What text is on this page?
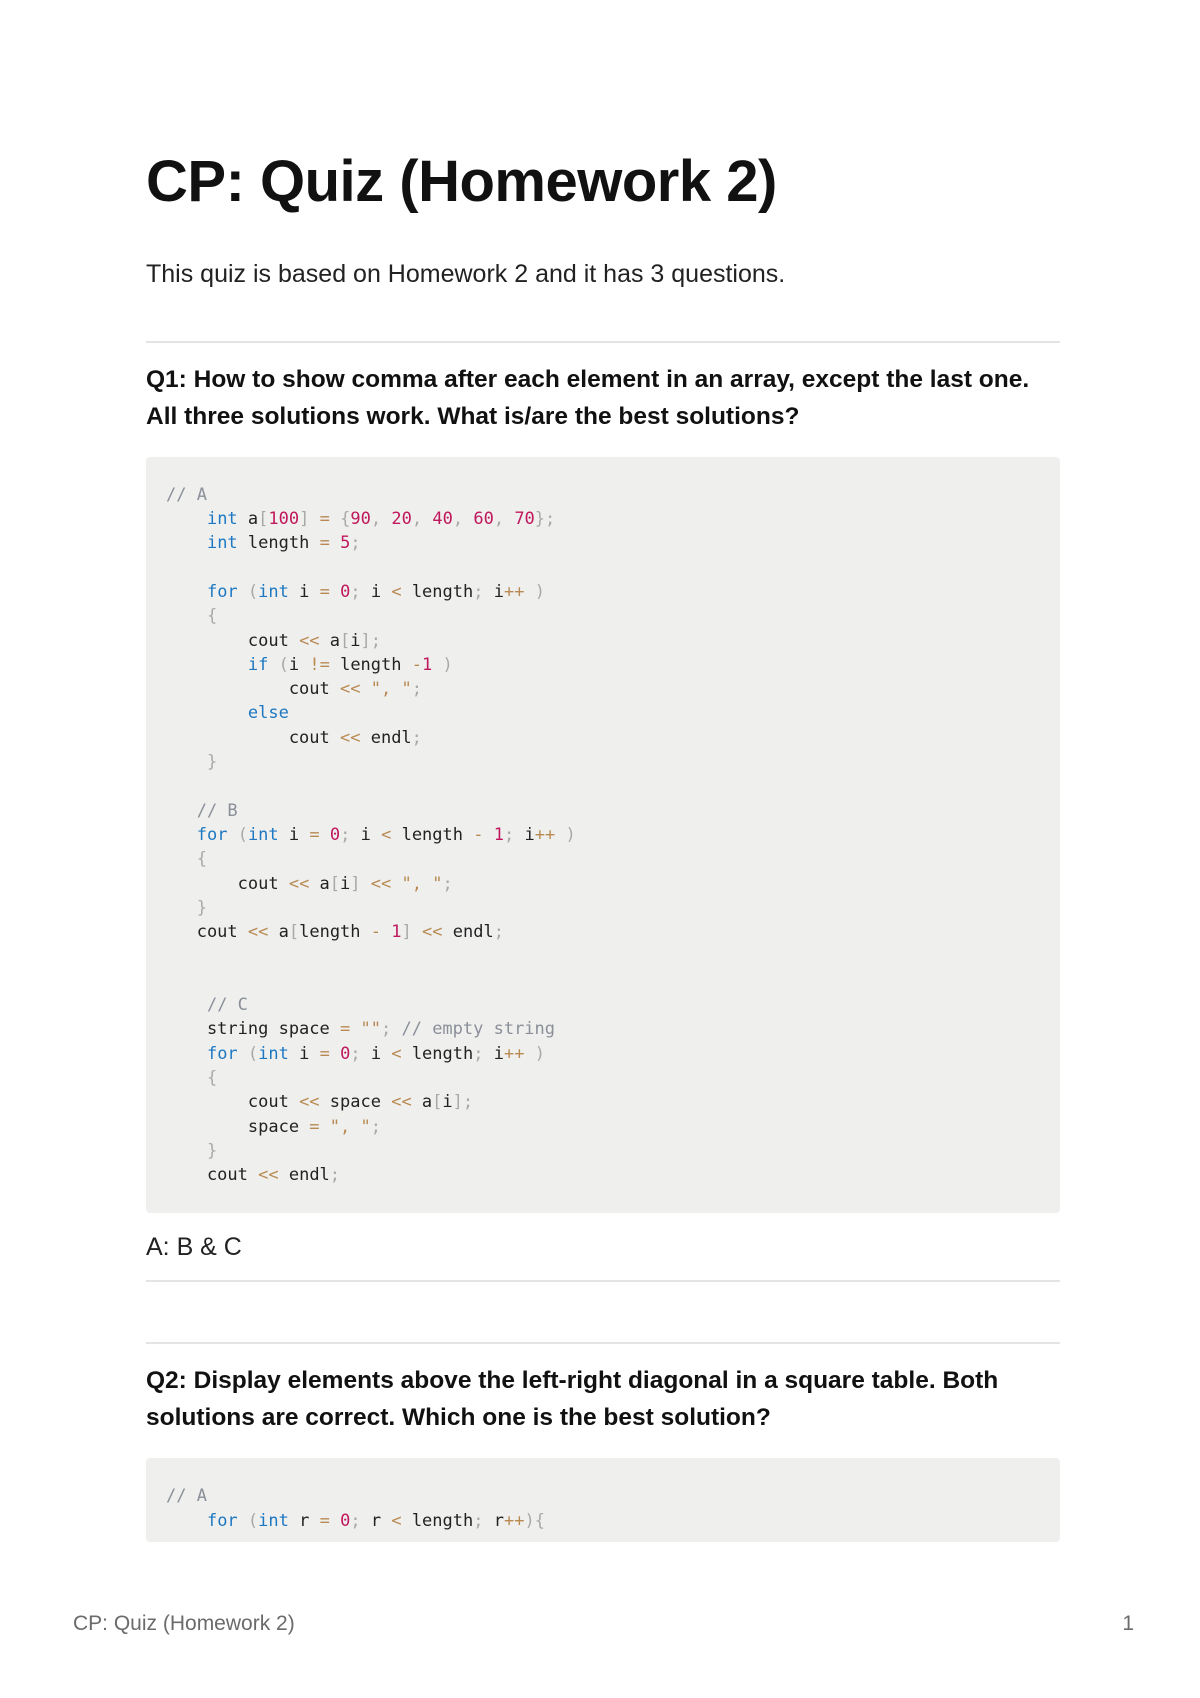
CP: Quiz (Homework 2)

This quiz is based on Homework 2 and it has 3 questions.

Q1: How to show comma after each element in an array, except the last one.
All three solutions work. What is/are the best solutions?
// A
int a[100] = {90, 20, 40, 60, 70};
int length = 5;
for (int i = 0; i < length; i++ )
{
cout << a[i];
if (i != length -1 )
cout << ", ";
else
cout << endl;
}
// B
for (int i = 0; i < length - 1; i++ )
{
cout << a[i] << ", ";
}
cout << a[length - 1] << endl;
// C
string space = ""; // empty string
for (int i = 0; i < length; i++ )
{
cout << space << a[i];
space = ", ";
}
cout << endl;
A: B & C
Q2: Display elements above the left-right diagonal in a square table. Both
solutions are correct. Which one is the best solution?
// A
for (int r = 0; r < length; r++){
CP: Quiz (Homework 2)	1
